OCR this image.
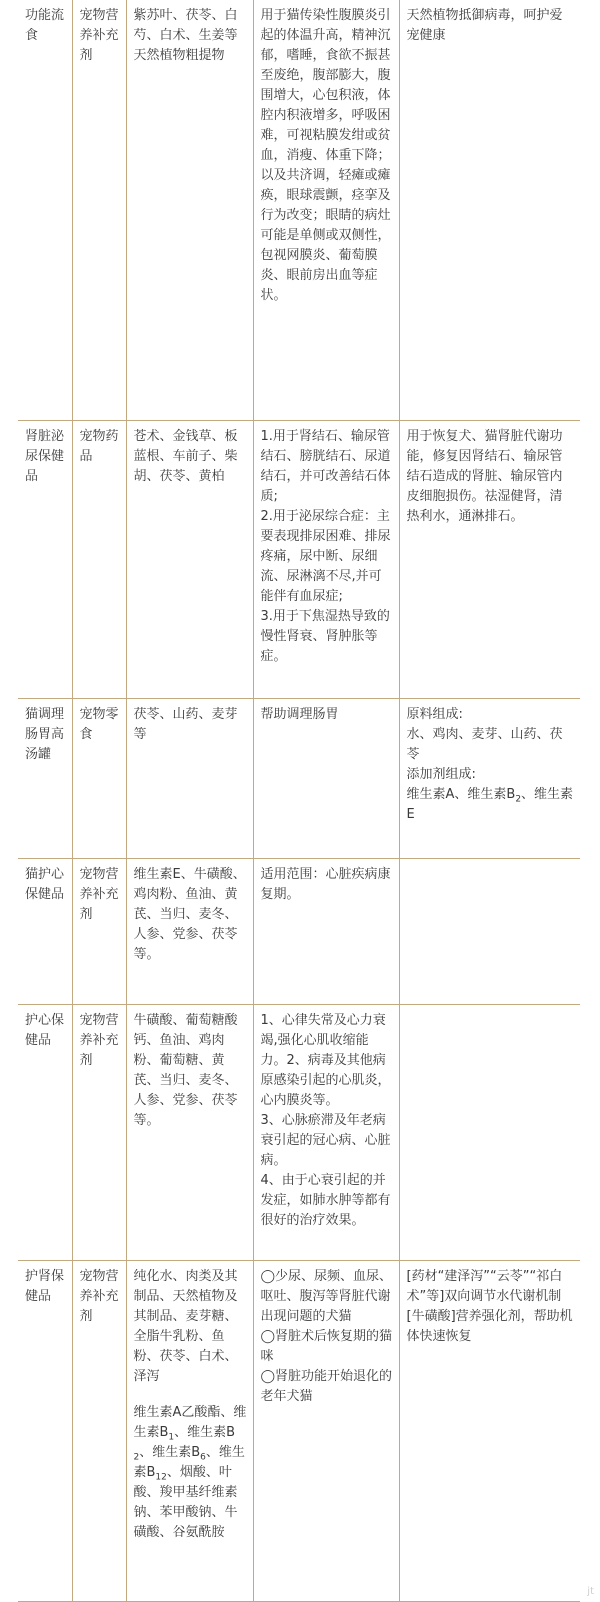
功能流食	宠物营养补充剂	紫苏叶、茯苓、白芍、白术、生姜等天然植物粗提物	用于猫传染性腹膜炎引起的体温升高，精神沉郁，嗜睡，食欲不振甚至废绝，腹部膨大，腹围增大，心包积液，体腔内积液增多，呼吸困难，可视粘膜发绀或贫血，消瘦、体重下降；以及共济调，轻瘫或瘫痪，眼球震颤，痉挛及行为改变；眼睛的病灶可能是单侧或双侧性，包视网膜炎、葡萄膜炎、眼前房出血等症状。	天然植物抵御病毒，呵护爱宠健康
肾脏泌尿保健品	宠物药品	苍术、金钱草、板蓝根、车前子、柴胡、茯苓、黄柏	1.用于肾结石、输尿管结石、膀胱结石、尿道结石，并可改善结石体质;
2.用于泌尿综合症：主要表现排尿困难、排尿疼痛，尿中断、尿细流、尿淋漓不尽,并可能伴有血尿症;
3.用于下焦湿热导致的慢性肾衰、肾肿胀等症。	用于恢复犬、猫肾脏代谢功能，修复因肾结石、输尿管结石造成的肾脏、输尿管内皮细胞损伤。祛湿健肾，清热利水，通淋排石。
猫调理肠胃高汤罐	宠物零食	茯苓、山药、麦芽等	帮助调理肠胃	原料组成:
水、鸡肉、麦芽、山药、茯苓
添加剂组成:
维生素A、维生素$B_2$、维生素E
猫护心保健品	宠物营养补充剂	维生素E、牛磺酸、鸡肉粉、鱼油、黄芪、当归、麦冬、人参、党参、茯苓等。	适用范围：心脏疾病康复期。	
护心保健品	宠物营养补充剂	牛磺酸、葡萄糖酸钙、鱼油、鸡肉粉、葡萄糖、黄芪、当归、麦冬、人参、党参、茯苓等。	1、心律失常及心力衰竭,强化心肌收缩能力。2、病毒及其他病原感染引起的心肌炎，心内膜炎等。
3、心脉瘀滞及年老病衰引起的冠心病、心脏病。
4、由于心衰引起的并发症，如肺水肿等都有很好的治疗效果。	
护肾保健品	宠物营养补充剂	纯化水、肉类及其制品、天然植物及其制品、麦芽糖、全脂牛乳粉、鱼粉、茯苓、白术、泽泻
维生素A乙酸酯、维生素$B_1$、维生素$B_2$、维生素$B_6$、维生素$B_{12}$、烟酸、叶酸、羧甲基纤维素钠、苯甲酸钠、牛磺酸、谷氨酰胺	◯少尿、尿频、血尿、呕吐、腹泻等肾脏代谢出现问题的犬猫
◯肾脏术后恢复期的猫咪
◯肾脏功能开始退化的老年犬猫	[药材“建泽泻”“云苓”“祁白术”等]双向调节水代谢机制[牛磺酸]营养强化剂，帮助机体快速恢复
jt
